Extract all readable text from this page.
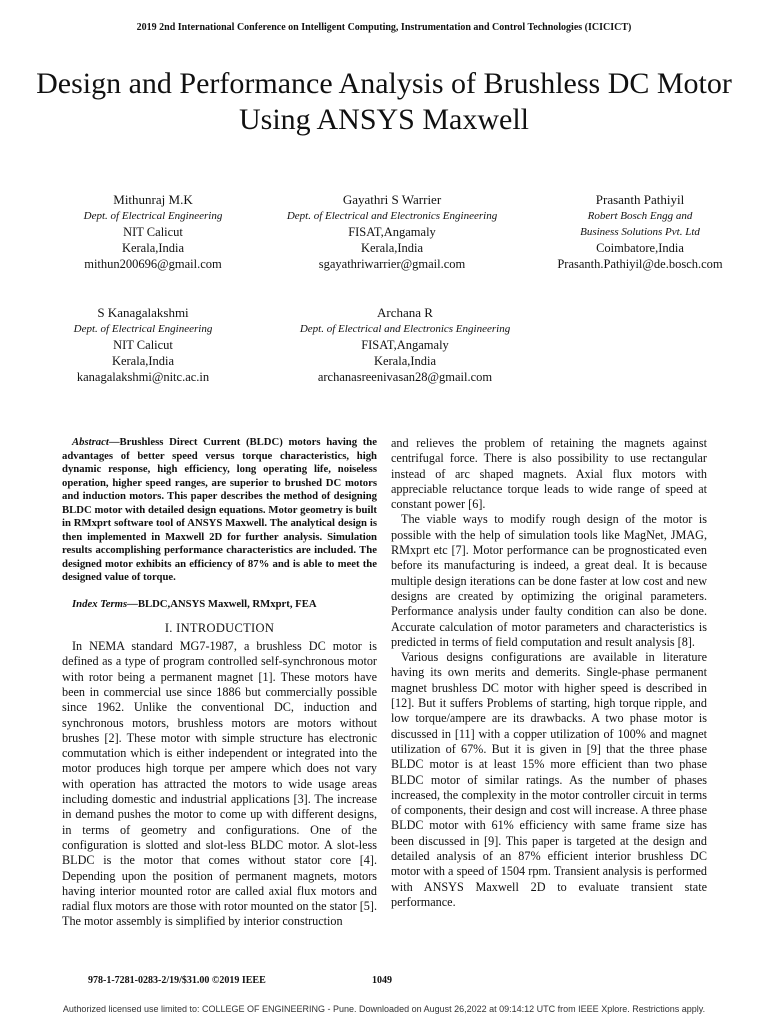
2019 2nd International Conference on Intelligent Computing, Instrumentation and Control Technologies (ICICICT)
Design and Performance Analysis of Brushless DC Motor Using ANSYS Maxwell
Mithunraj M.K
Dept. of Electrical Engineering
NIT Calicut
Kerala,India
mithun200696@gmail.com
Gayathri S Warrier
Dept. of Electrical and Electronics Engineering
FISAT,Angamaly
Kerala,India
sgayathriwarrier@gmail.com
Prasanth Pathiyil
Robert Bosch Engg and
Business Solutions Pvt. Ltd
Coimbatore,India
Prasanth.Pathiyil@de.bosch.com
S Kanagalakshmi
Dept. of Electrical Engineering
NIT Calicut
Kerala,India
kanagalakshmi@nitc.ac.in
Archana R
Dept. of Electrical and Electronics Engineering
FISAT,Angamaly
Kerala,India
archanasreenivasan28@gmail.com

Abstract—Brushless Direct Current (BLDC) motors having the advantages of better speed versus torque characteristics, high dynamic response, high efficiency, long operating life, noiseless operation, higher speed ranges, are superior to brushed DC motors and induction motors. This paper describes the method of designing BLDC motor with detailed design equations. Motor geometry is built in RMxprt software tool of ANSYS Maxwell. The analytical design is then implemented in Maxwell 2D for further analysis. Simulation results accomplishing performance characteristics are included. The designed motor exhibits an efficiency of 87% and is able to meet the designed value of torque.

Index Terms—BLDC,ANSYS Maxwell, RMxprt, FEA

I. INTRODUCTION

In NEMA standard MG7-1987, a brushless DC motor is defined as a type of program controlled self-synchronous motor with rotor being a permanent magnet [1]. These motors have been in commercial use since 1886 but commercially possible since 1962. Unlike the conventional DC, induction and synchronous motors, brushless motors are motors without brushes [2]. These motor with simple structure has electronic commutation which is either independent or integrated into the motor produces high torque per ampere which does not vary with operation has attracted the motors to wide usage areas including domestic and industrial applications [3]. The increase in demand pushes the motor to come up with different designs, in terms of geometry and configurations. One of the configuration is slotted and slot-less BLDC motor. A slot-less BLDC is the motor that comes without stator core [4]. Depending upon the position of permanent magnets, motors having interior mounted rotor are called axial flux motors and radial flux motors are those with rotor mounted on the stator [5]. The motor assembly is simplified by interior construction

and relieves the problem of retaining the magnets against centrifugal force. There is also possibility to use rectangular instead of arc shaped magnets. Axial flux motors with appreciable reluctance torque leads to wide range of speed at constant power [6].

The viable ways to modify rough design of the motor is possible with the help of simulation tools like MagNet, JMAG, RMxprt etc [7]. Motor performance can be prognosticated even before its manufacturing is indeed, a great deal. It is because multiple design iterations can be done faster at low cost and new designs are created by optimizing the original parameters. Performance analysis under faulty condition can also be done. Accurate calculation of motor parameters and characteristics is predicted in terms of field computation and result analysis [8].

Various designs configurations are available in literature having its own merits and demerits. Single-phase permanent magnet brushless DC motor with higher speed is described in [12]. But it suffers Problems of starting, high torque ripple, and low torque/ampere are its drawbacks. A two phase motor is discussed in [11] with a copper utilization of 100% and magnet utilization of 67%. But it is given in [9] that the three phase BLDC motor is at least 15% more efficient than two phase BLDC motor of similar ratings. As the number of phases increased, the complexity in the motor controller circuit in terms of components, their design and cost will increase. A three phase BLDC motor with 61% efficiency with same frame size has been discussed in [9]. This paper is targeted at the design and detailed analysis of an 87% efficient interior brushless DC motor with a speed of 1504 rpm. Transient analysis is performed with ANSYS Maxwell 2D to evaluate transient state performance.

978-1-7281-0283-2/19/$31.00 ©2019 IEEE	1049
Authorized licensed use limited to: COLLEGE OF ENGINEERING - Pune. Downloaded on August 26,2022 at 09:14:12 UTC from IEEE Xplore. Restrictions apply.
